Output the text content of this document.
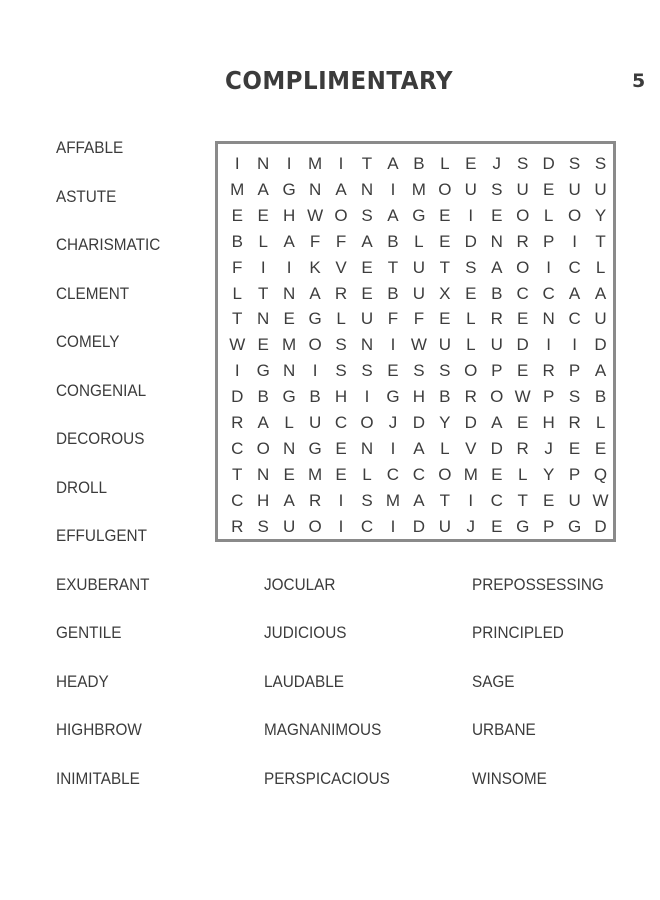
COMPLIMENTARY	5
AFFABLE
ASTUTE
CHARISMATIC
CLEMENT
COMELY
CONGENIAL
DECOROUS
DROLL
EFFULGENT
EXUBERANT
GENTILE
HEADY
HIGHBROW
INIMITABLE
JOCULAR
JUDICIOUS
LAUDABLE
MAGNANIMOUS
PERSPICACIOUS
PREPOSSESSING
PRINCIPLED
SAGE
URBANE
WINSOME
I	N	I M I	T A B L E J S D S S
M A G N A N	I M O U S U E U U
E E H W O S A G E	I	E O L O Y
B L A F F A B L E D N R P	I	T
F	I	I	K V E T U T S A O I	C L
L T N A R E B U X E B C C A A
T N E G L U F F E L R E N C U
W E M O S N	I W U L U D	I	I	D
I G N	I	S S E S S O P E R P A
D B G B H	I G H B R O W P S B
R A L U C O J D Y D A E H R L
C O N G E N	I	A L V D R J E E
T N E M E L C C O M E L Y P Q
C H A R	I	S M A T	I	C T E U W
R S U O I	C	I	D U J E G P G D
